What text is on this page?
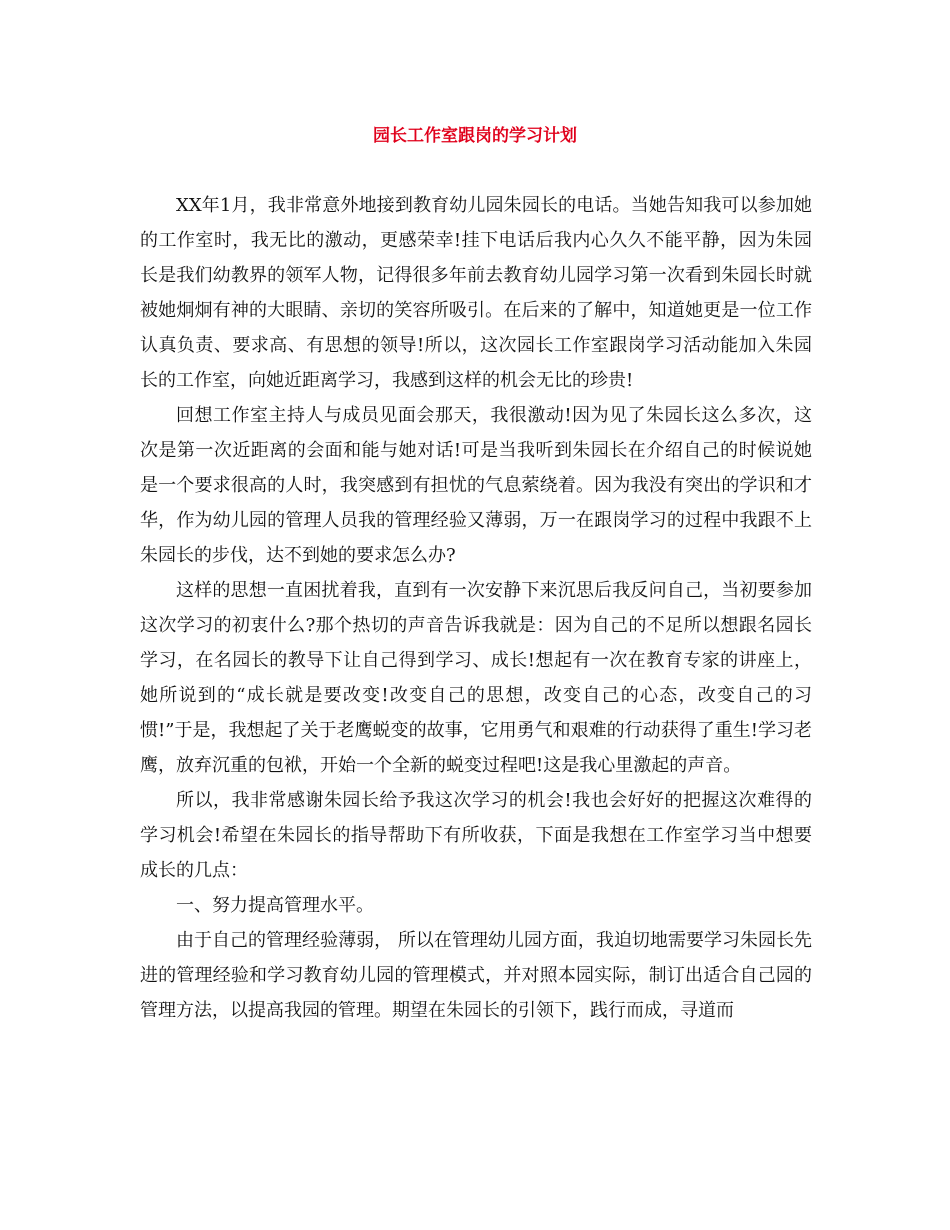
园长工作室跟岗的学习计划

XX年1月，我非常意外地接到教育幼儿园朱园长的电话。当她告知我可以参加她的工作室时，我无比的激动，更感荣幸!挂下电话后我内心久久不能平静，因为朱园长是我们幼教界的领军人物，记得很多年前去教育幼儿园学习第一次看到朱园长时就被她炯炯有神的大眼睛、亲切的笑容所吸引。在后来的了解中，知道她更是一位工作认真负责、要求高、有思想的领导!所以，这次园长工作室跟岗学习活动能加入朱园长的工作室，向她近距离学习，我感到这样的机会无比的珍贵!

回想工作室主持人与成员见面会那天，我很激动!因为见了朱园长这么多次，这次是第一次近距离的会面和能与她对话!可是当我听到朱园长在介绍自己的时候说她是一个要求很高的人时，我突感到有担忧的气息萦绕着。因为我没有突出的学识和才华，作为幼儿园的管理人员我的管理经验又薄弱，万一在跟岗学习的过程中我跟不上朱园长的步伐，达不到她的要求怎么办?

这样的思想一直困扰着我，直到有一次安静下来沉思后我反问自己，当初要参加这次学习的初衷什么?那个热切的声音告诉我就是：因为自己的不足所以想跟名园长学习，在名园长的教导下让自己得到学习、成长!想起有一次在教育专家的讲座上，她所说到的“成长就是要改变!改变自己的思想，改变自己的心态，改变自己的习惯!”于是，我想起了关于老鹰蜕变的故事，它用勇气和艰难的行动获得了重生!学习老鹰，放弃沉重的包袱，开始一个全新的蜕变过程吧!这是我心里激起的声音。

所以，我非常感谢朱园长给予我这次学习的机会!我也会好好的把握这次难得的学习机会!希望在朱园长的指导帮助下有所收获，下面是我想在工作室学习当中想要成长的几点：

一、努力提高管理水平。

由于自己的管理经验薄弱， 所以在管理幼儿园方面，我迫切地需要学习朱园长先进的管理经验和学习教育幼儿园的管理模式，并对照本园实际，制订出适合自己园的管理方法，以提高我园的管理。期望在朱园长的引领下，践行而成，寻道而
